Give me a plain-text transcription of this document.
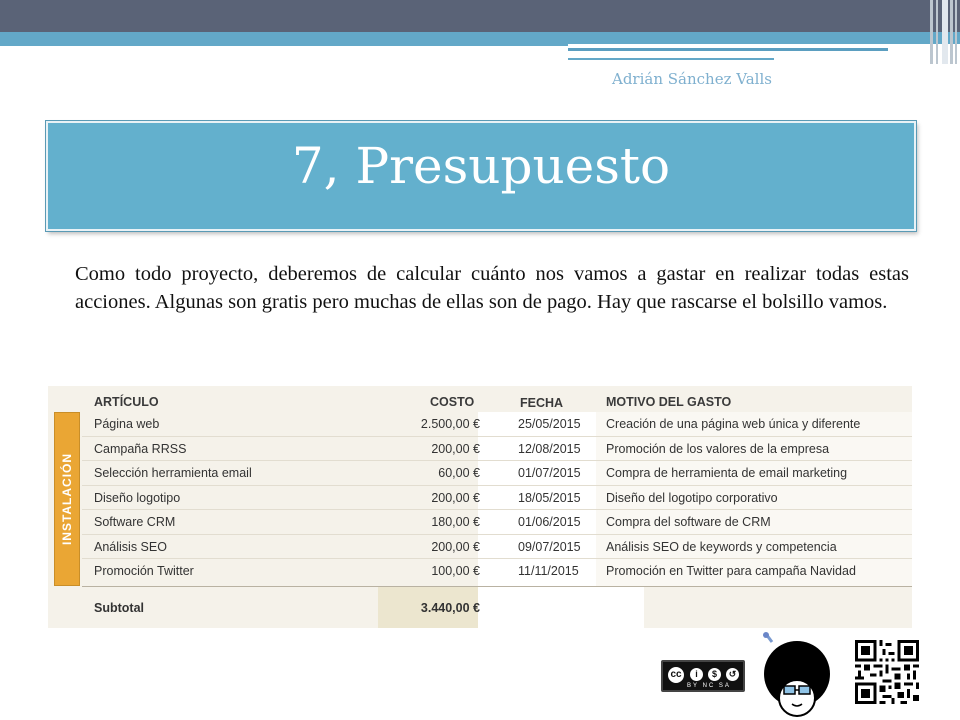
Adrián Sánchez Valls
7, Presupuesto
Como todo proyecto, deberemos de calcular cuánto nos vamos a gastar en realizar todas estas acciones. Algunas son gratis pero muchas de ellas son de pago. Hay que rascarse el bolsillo vamos.
ARTÍCULO	COSTO	FECHA	MOTIVO DEL GASTO
INSTALACIÓN
Página web	2.500,00 €	25/05/2015 Creación de una página web única y diferente
Campaña RRSS	200,00 €	12/08/2015 Promoción de los valores de la empresa
Selección herramienta email	60,00 €	01/07/2015 Compra de herramienta de email marketing
Diseño logotipo	200,00 €	18/05/2015 Diseño del logotipo corporativo
Software CRM	180,00 €	01/06/2015 Compra del software de CRM
Análisis SEO	200,00 €	09/07/2015 Análisis SEO de keywords y competencia
Promoción Twitter	100,00 €	11/11/2015 Promoción en Twitter para campaña Navidad
Subtotal	3.440,00 €
cc	i	$	↺
BY NC SA
